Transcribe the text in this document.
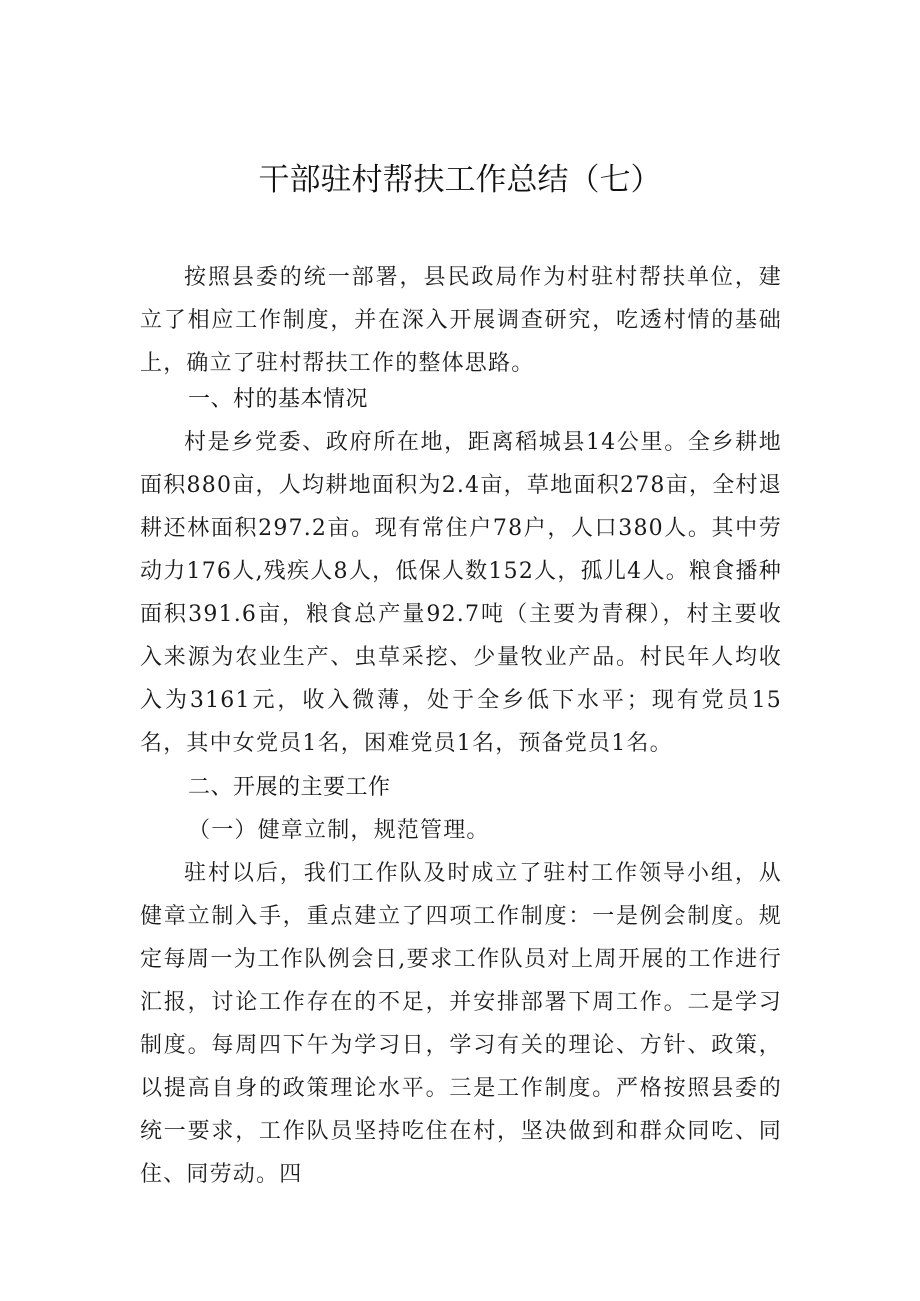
干部驻村帮扶工作总结（七）

按照县委的统一部署，县民政局作为村驻村帮扶单位，建立了相应工作制度，并在深入开展调查研究，吃透村情的基础上，确立了驻村帮扶工作的整体思路。

一、村的基本情况

村是乡党委、政府所在地，距离稻城县14公里。全乡耕地面积880亩，人均耕地面积为2.4亩，草地面积278亩，全村退耕还林面积297.2亩。现有常住户78户，人口380人。其中劳动力176人,残疾人8人，低保人数152人，孤儿4人。粮食播种面积391.6亩，粮食总产量92.7吨（主要为青稞），村主要收入来源为农业生产、虫草采挖、少量牧业产品。村民年人均收入为3161元，收入微薄，处于全乡低下水平；现有党员15名，其中女党员1名，困难党员1名，预备党员1名。

二、开展的主要工作
（一）健章立制，规范管理。

驻村以后，我们工作队及时成立了驻村工作领导小组，从健章立制入手，重点建立了四项工作制度：一是例会制度。规定每周一为工作队例会日,要求工作队员对上周开展的工作进行汇报，讨论工作存在的不足，并安排部署下周工作。二是学习制度。每周四下午为学习日，学习有关的理论、方针、政策，以提高自身的政策理论水平。三是工作制度。严格按照县委的统一要求，工作队员坚持吃住在村，坚决做到和群众同吃、同住、同劳动。四
